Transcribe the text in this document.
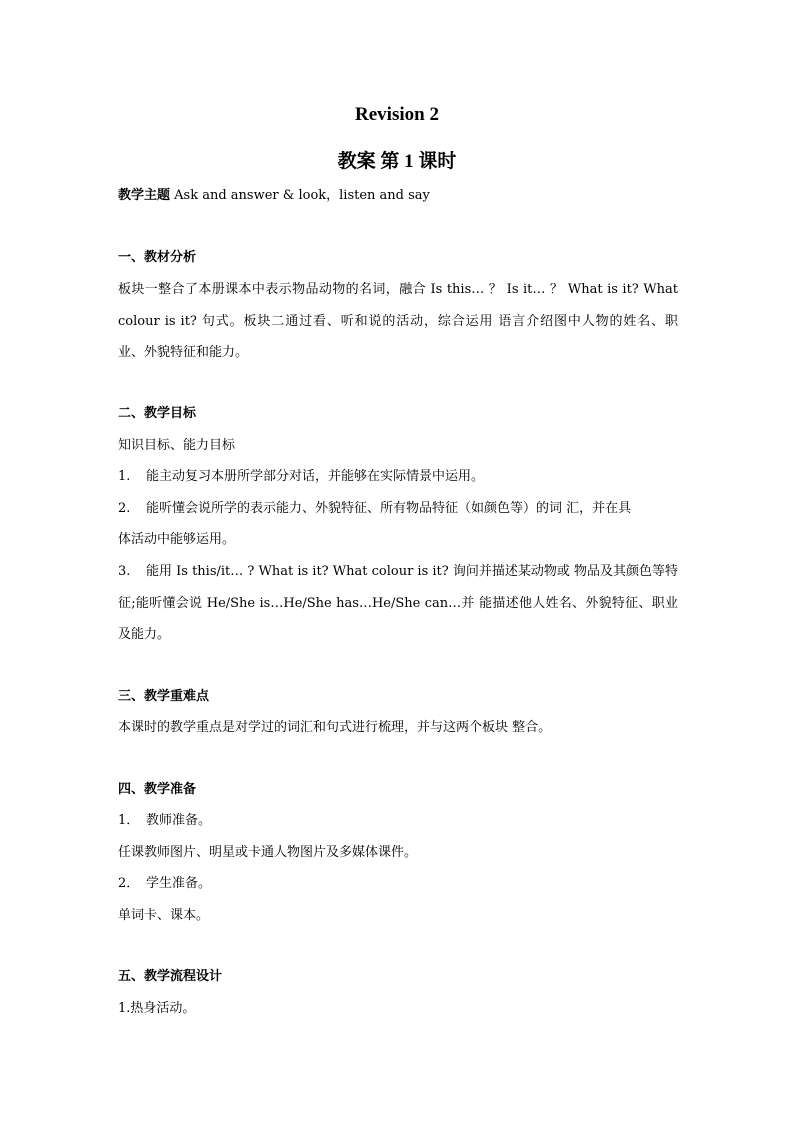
Revision 2
教案 第 1 课时
教学主题 Ask and answer & look，listen and say
一、教材分析
板块一整合了本册课本中表示物品动物的名词，融合 Is this… ？ Is it… ？ What is it? What
colour is it? 句式。板块二通过看、听和说的活动，综合运用 语言介绍图中人物的姓名、职
业、外貌特征和能力。
二、教学目标
知识目标、能力目标
1. 能主动复习本册所学部分对话，并能够在实际情景中运用。
2. 能听懂会说所学的表示能力、外貌特征、所有物品特征（如颜色等）的词 汇，并在具
体活动中能够运用。
3. 能用 Is this/it… ? What is it? What colour is it? 询问并描述某动物或 物品及其颜色等特
征;能听懂会说 He/She is…He/She has…He/She can…并 能描述他人姓名、外貌特征、职业
及能力。
三、教学重难点
本课时的教学重点是对学过的词汇和句式进行梳理，并与这两个板块 整合。
四、教学准备
1． 教师准备。
任课教师图片、明星或卡通人物图片及多媒体课件。
2． 学生准备。
单词卡、课本。
五、教学流程设计
1.热身活动。
